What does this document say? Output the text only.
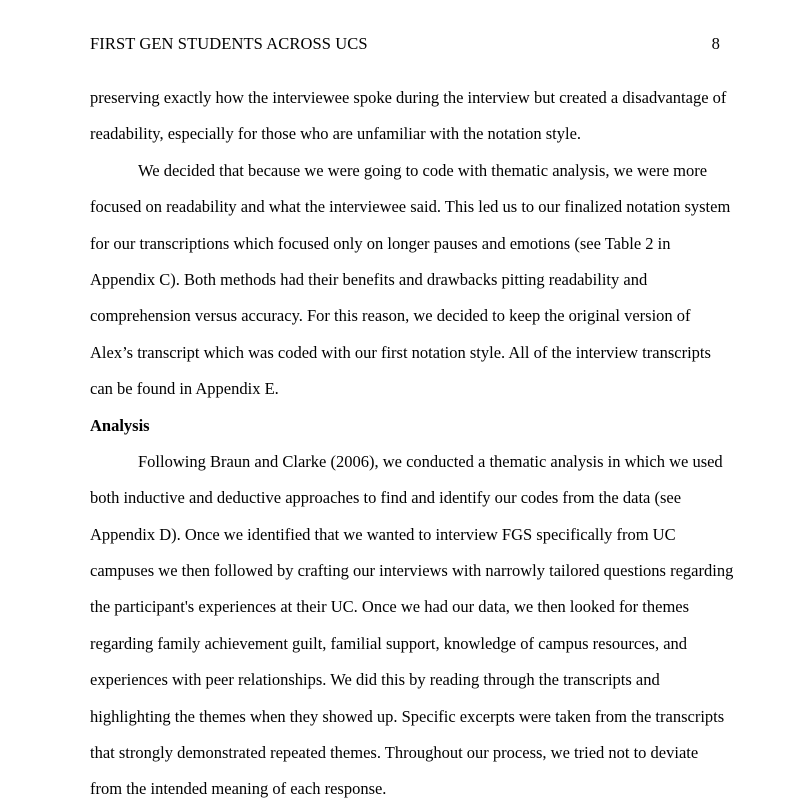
FIRST GEN STUDENTS ACROSS UCS	8
preserving exactly how the interviewee spoke during the interview but created a disadvantage of
readability, especially for those who are unfamiliar with the notation style.
We decided that because we were going to code with thematic analysis, we were more
focused on readability and what the interviewee said. This led us to our finalized notation system
for our transcriptions which focused only on longer pauses and emotions (see Table 2 in
Appendix C). Both methods had their benefits and drawbacks pitting readability and
comprehension versus accuracy. For this reason, we decided to keep the original version of
Alex’s transcript which was coded with our first notation style. All of the interview transcripts
can be found in Appendix E.
Analysis
Following Braun and Clarke (2006), we conducted a thematic analysis in which we used
both inductive and deductive approaches to find and identify our codes from the data (see
Appendix D). Once we identified that we wanted to interview FGS specifically from UC
campuses we then followed by crafting our interviews with narrowly tailored questions regarding
the participant's experiences at their UC. Once we had our data, we then looked for themes
regarding family achievement guilt, familial support, knowledge of campus resources, and
experiences with peer relationships. We did this by reading through the transcripts and
highlighting the themes when they showed up. Specific excerpts were taken from the transcripts
that strongly demonstrated repeated themes. Throughout our process, we tried not to deviate
from the intended meaning of each response.
